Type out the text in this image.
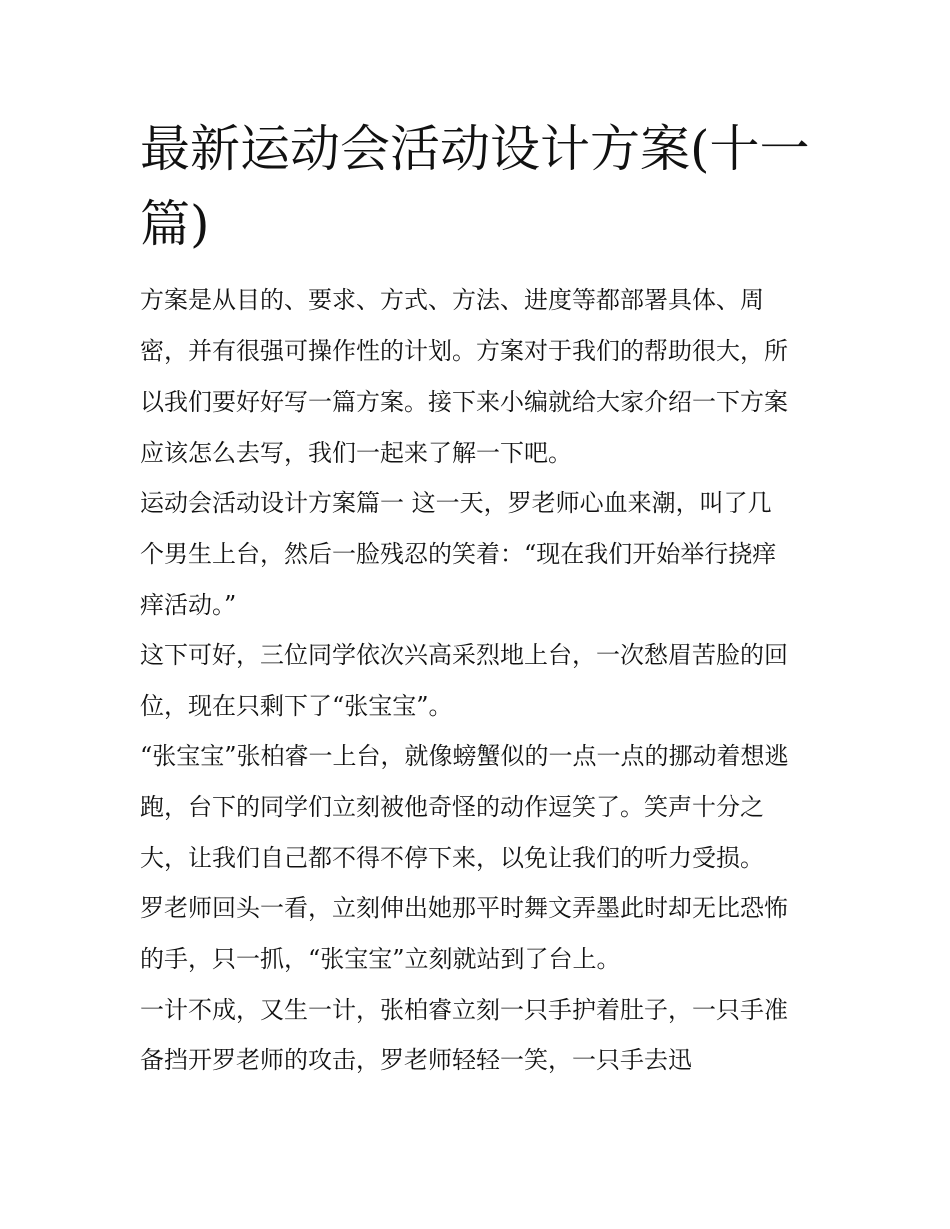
最新运动会活动设计方案(十一篇)

方案是从目的、要求、方式、方法、进度等都部署具体、周

密，并有很强可操作性的计划。方案对于我们的帮助很大，所

以我们要好好写一篇方案。接下来小编就给大家介绍一下方案

应该怎么去写，我们一起来了解一下吧。

运动会活动设计方案篇一 这一天，罗老师心血来潮，叫了几

个男生上台，然后一脸残忍的笑着：“现在我们开始举行挠痒

痒活动。”

这下可好，三位同学依次兴高采烈地上台，一次愁眉苦脸的回

位，现在只剩下了“张宝宝”。

“张宝宝”张柏睿一上台，就像螃蟹似的一点一点的挪动着想逃

跑，台下的同学们立刻被他奇怪的动作逗笑了。笑声十分之

大，让我们自己都不得不停下来，以免让我们的听力受损。

罗老师回头一看，立刻伸出她那平时舞文弄墨此时却无比恐怖

的手，只一抓，“张宝宝”立刻就站到了台上。

一计不成，又生一计，张柏睿立刻一只手护着肚子，一只手准

备挡开罗老师的攻击，罗老师轻轻一笑，一只手去迅
